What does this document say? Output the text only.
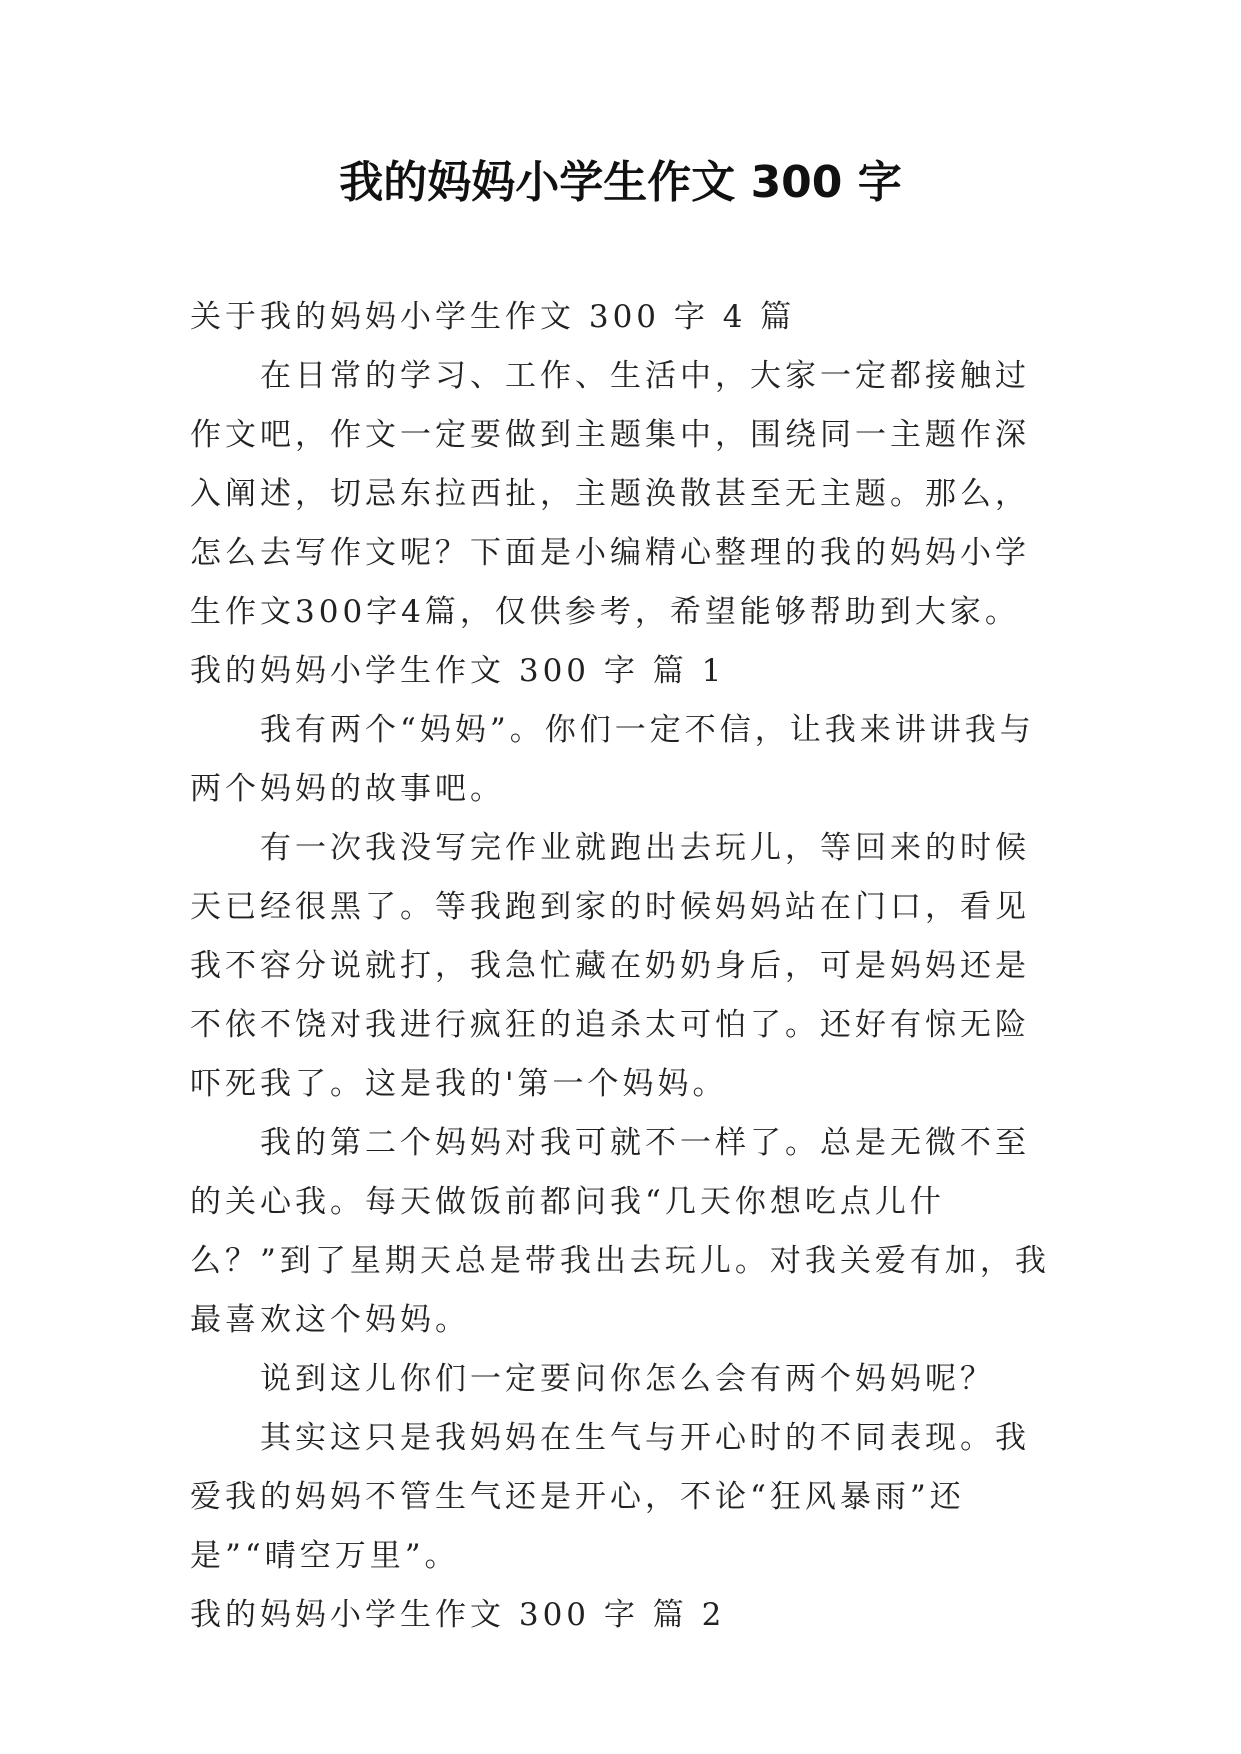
我的妈妈小学生作文 300 字

关于我的妈妈小学生作文 300 字 4 篇

在日常的学习、工作、生活中，大家一定都接触过作文吧，作文一定要做到主题集中，围绕同一主题作深入阐述，切忌东拉西扯，主题涣散甚至无主题。那么，怎么去写作文呢？下面是小编精心整理的我的妈妈小学生作文300字4篇，仅供参考，希望能够帮助到大家。

我的妈妈小学生作文 300 字 篇 1

我有两个“妈妈”。你们一定不信，让我来讲讲我与两个妈妈的故事吧。

有一次我没写完作业就跑出去玩儿，等回来的时候天已经很黑了。等我跑到家的时候妈妈站在门口，看见我不容分说就打，我急忙藏在奶奶身后，可是妈妈还是不依不饶对我进行疯狂的追杀太可怕了。还好有惊无险吓死我了。这是我的'第一个妈妈。

我的第二个妈妈对我可就不一样了。总是无微不至的关心我。每天做饭前都问我“几天你想吃点儿什么？”到了星期天总是带我出去玩儿。对我关爱有加，我最喜欢这个妈妈。

说到这儿你们一定要问你怎么会有两个妈妈呢？

其实这只是我妈妈在生气与开心时的不同表现。我爱我的妈妈不管生气还是开心，不论“狂风暴雨”还是”“晴空万里”。

我的妈妈小学生作文 300 字 篇 2
